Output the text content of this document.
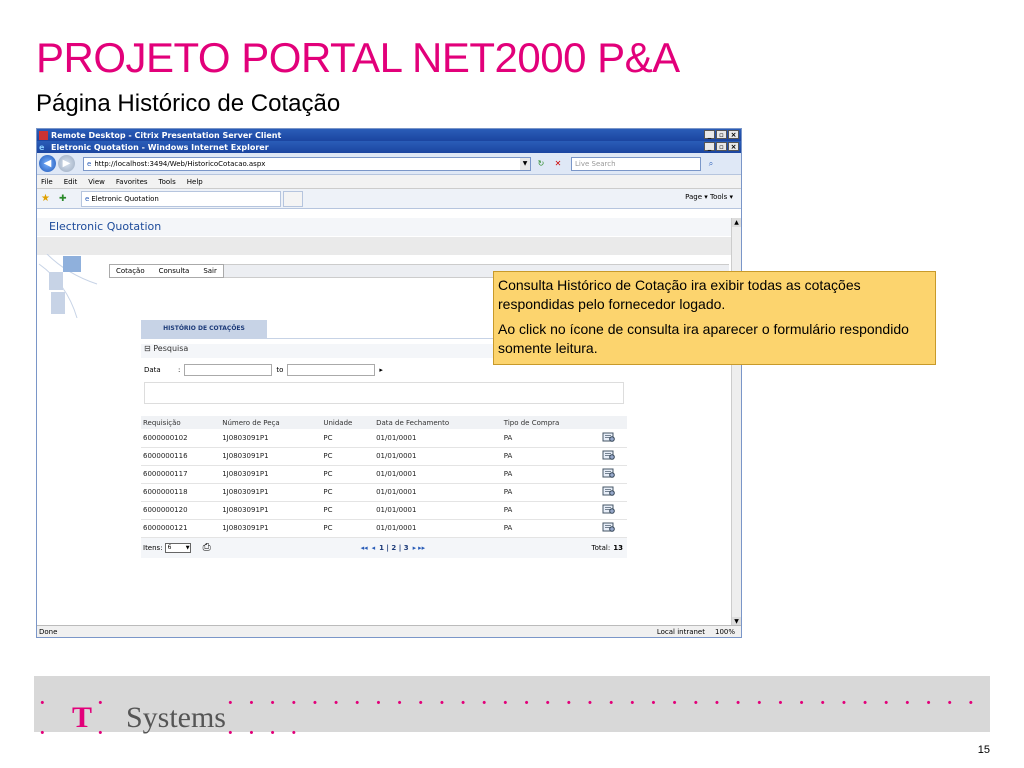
PROJETO PORTAL NET2000 P&A
Página Histórico de Cotação
Remote Desktop - Citrix Presentation Server Client	_	▫ ×
e Eletronic Quotation - Windows Internet Explorer	_	▫ ×
◀	▶	e http://localhost:3494/Web/HistoricoCotacao.aspx	▼	↻	✕	Live Search	⌕
File Edit View Favorites Tools Help
★ ✚	e Eletronic Quotation	Page ▾ Tools ▾
Electronic Quotation
Cotação Consulta Sair
HISTÓRIO DE COTAÇÕES
⊟ Pesquisa
Data	:	to	▸
Requisição	Número de Peça	Unidade	Data de Fechamento	Tipo de Compra	
6000000102	1J0803091P1	PC	01/01/0001	PA	
6000000116	1J0803091P1	PC	01/01/0001	PA	
6000000117	1J0803091P1	PC	01/01/0001	PA	
6000000118	1J0803091P1	PC	01/01/0001	PA	
6000000120	1J0803091P1	PC	01/01/0001	PA	
6000000121	1J0803091P1	PC	01/01/0001	PA	
Itens: 6	▼ ⎙	◂◂ ◂ 1 | 2 | 3 ▸ ▸▸	Total: 13
▲
▼
Done	Local intranet 100%

Consulta Histórico de Cotação ira exibir todas as cotações respondidas pelo fornecedor logado.

Ao click no ícone de consulta ira aparecer o formulário respondido somente leitura.

· · T · · Systems · · · · · · · · · · · · · · · · · · · · · · · · · · · · · · · · · · · · · · · ·
15
